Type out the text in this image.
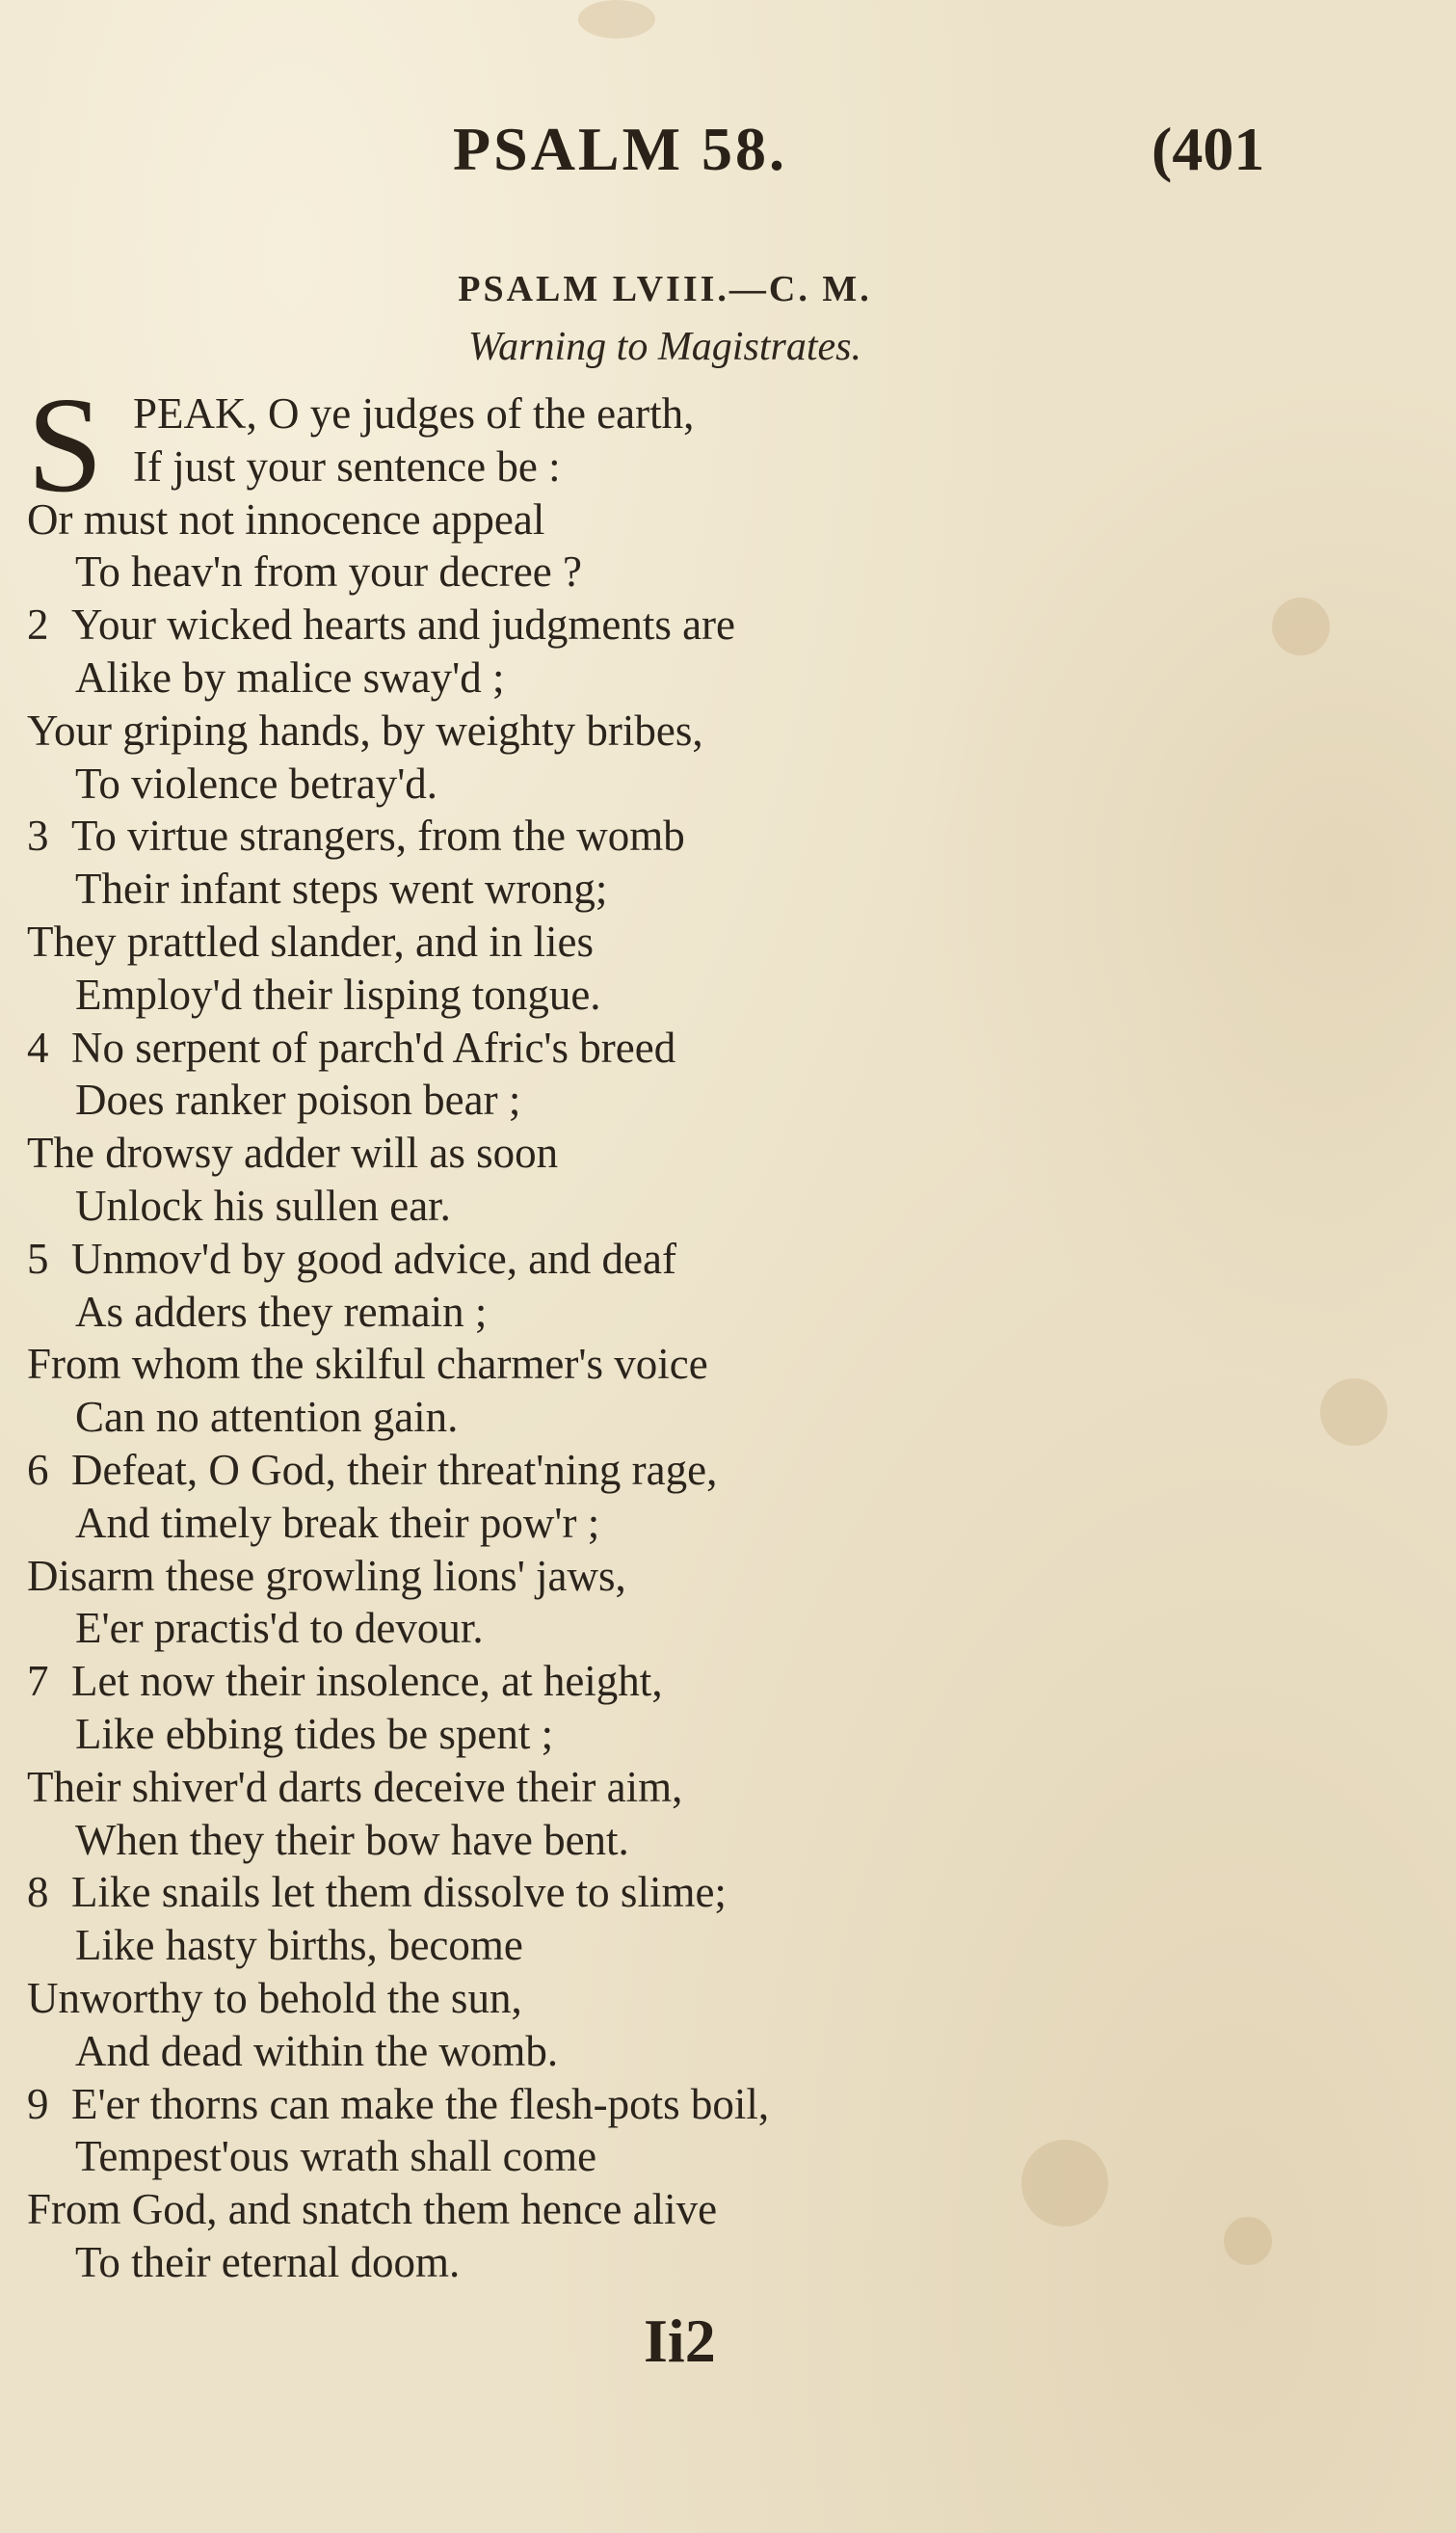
PSALM 58.	(401
PSALM LVIII.—C. M.
Warning to Magistrates.
S PEAK, O ye judges of the earth,
If just your sentence be :
Or must not innocence appeal
To heav'n from your decree ?
2 Your wicked hearts and judgments are
Alike by malice sway'd ;
Your griping hands, by weighty bribes,
To violence betray'd.
3 To virtue strangers, from the womb
Their infant steps went wrong;
They prattled slander, and in lies
Employ'd their lisping tongue.
4 No serpent of parch'd Afric's breed
Does ranker poison bear ;
The drowsy adder will as soon
Unlock his sullen ear.
5 Unmov'd by good advice, and deaf
As adders they remain ;
From whom the skilful charmer's voice
Can no attention gain.
6 Defeat, O God, their threat'ning rage,
And timely break their pow'r ;
Disarm these growling lions' jaws,
E'er practis'd to devour.
7 Let now their insolence, at height,
Like ebbing tides be spent ;
Their shiver'd darts deceive their aim,
When they their bow have bent.
8 Like snails let them dissolve to slime;
Like hasty births, become
Unworthy to behold the sun,
And dead within the womb.
9 E'er thorns can make the flesh-pots boil,
Tempest'ous wrath shall come
From God, and snatch them hence alive
To their eternal doom.
Ii2
